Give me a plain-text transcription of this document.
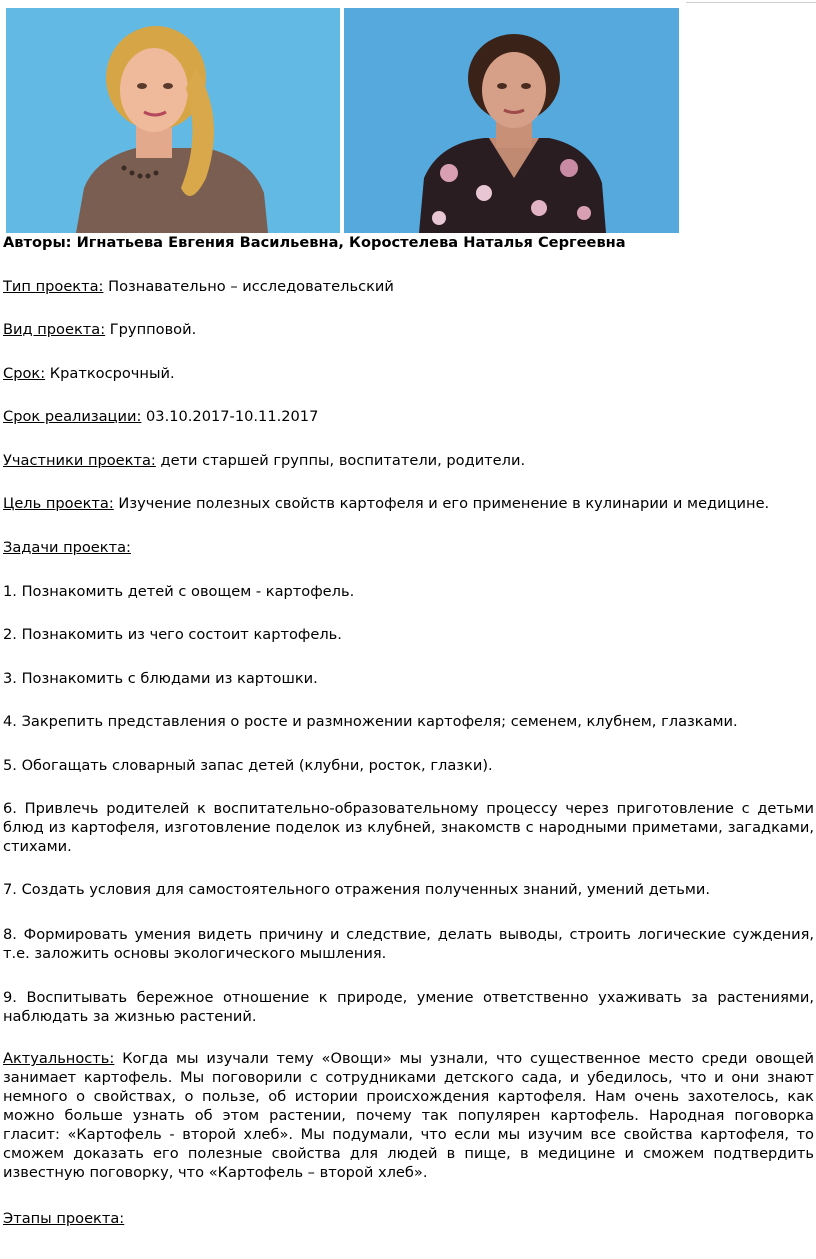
Авторы: Игнатьева Евгения Васильевна, Коростелева Наталья Сергеевна
Тип проекта: Познавательно – исследовательский
Вид проекта: Групповой.
Срок: Краткосрочный.
Срок реализации: 03.10.2017-10.11.2017
Участники проекта: дети старшей группы, воспитатели, родители.
Цель проекта: Изучение полезных свойств картофеля и его применение в кулинарии и медицине.
Задачи проекта:
1. Познакомить детей с овощем - картофель.
2. Познакомить из чего состоит картофель.
3. Познакомить с блюдами из картошки.
4. Закрепить представления о росте и размножении картофеля; семенем, клубнем, глазками.
5. Обогащать словарный запас детей (клубни, росток, глазки).
6. Привлечь родителей к воспитательно-образовательному процессу через приготовление с детьми блюд из картофеля, изготовление поделок из клубней, знакомств с народными приметами, загадками, стихами.
7. Создать условия для самостоятельного отражения полученных знаний, умений детьми.
8. Формировать умения видеть причину и следствие, делать выводы, строить логические суждения, т.е. заложить основы экологического мышления.
9. Воспитывать бережное отношение к природе, умение ответственно ухаживать за растениями, наблюдать за жизнью растений.
Актуальность: Когда мы изучали тему «Овощи» мы узнали, что существенное место среди овощей занимает картофель. Мы поговорили с сотрудниками детского сада, и убедилось, что и они знают немного о свойствах, о пользе, об истории происхождения картофеля. Нам очень захотелось, как можно больше узнать об этом растении, почему так популярен картофель. Народная поговорка гласит: «Картофель - второй хлеб». Мы подумали, что если мы изучим все свойства картофеля, то сможем доказать его полезные свойства для людей в пище, в медицине и сможем подтвердить известную поговорку, что «Картофель – второй хлеб».
Этапы проекта:
